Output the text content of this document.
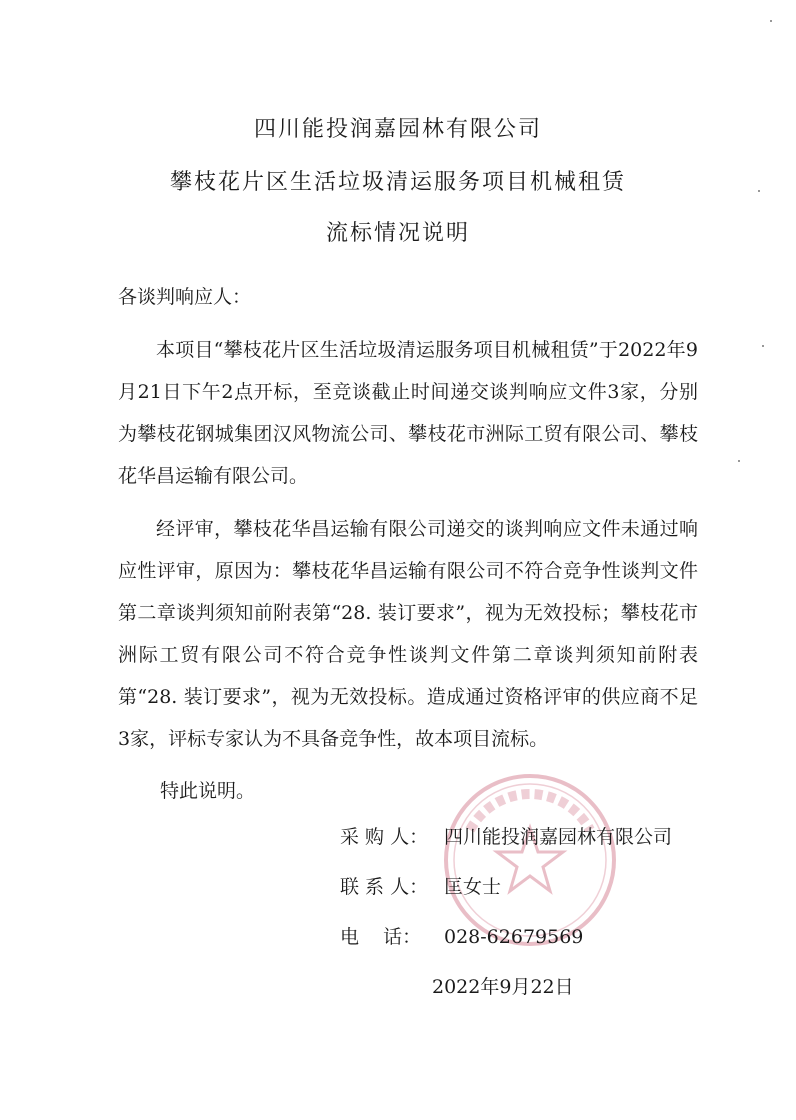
四川能投润嘉园林有限公司
攀枝花片区生活垃圾清运服务项目机械租赁
流标情况说明
各谈判响应人：
本项目“攀枝花片区生活垃圾清运服务项目机械租赁”于2022年9月21日下午2点开标，至竞谈截止时间递交谈判响应文件3家，分别为攀枝花钢城集团汉风物流公司、攀枝花市洲际工贸有限公司、攀枝花华昌运输有限公司。
经评审，攀枝花华昌运输有限公司递交的谈判响应文件未通过响应性评审，原因为：攀枝花华昌运输有限公司不符合竞争性谈判文件第二章谈判须知前附表第“28. 装订要求”，视为无效投标；攀枝花市洲际工贸有限公司不符合竞争性谈判文件第二章谈判须知前附表第“28. 装订要求”，视为无效投标。造成通过资格评审的供应商不足3家，评标专家认为不具备竞争性，故本项目流标。
特此说明。
采 购 人： 四川能投润嘉园林有限公司
联 系 人： 匡女士
电    话： 028-62679569
2022年9月22日
